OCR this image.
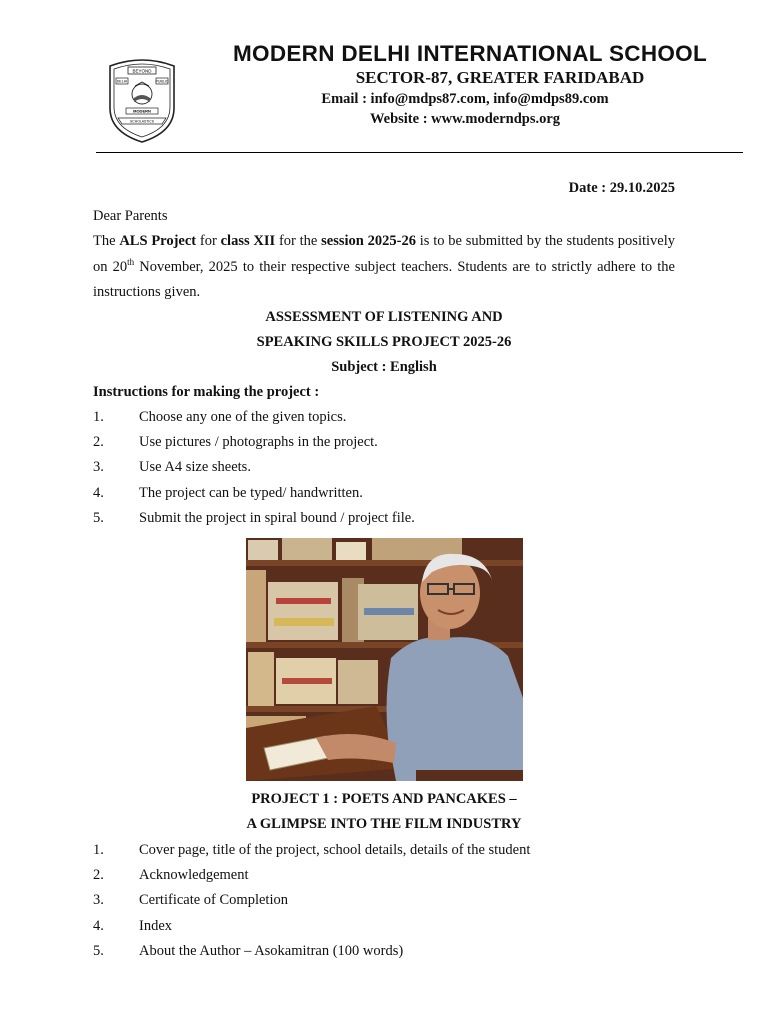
BEYOND
DELHI	PUBLIC
MODERN
SCHOLASTICS
MODERN DELHI INTERNATIONAL SCHOOL
SECTOR-87, GREATER FARIDABAD
Email : info@mdps87.com, info@mdps89.com
Website : www.moderndps.org
Date : 29.10.2025
Dear Parents
The ALS Project for class XII for the session 2025-26 is to be submitted by the students positively on 20th November, 2025 to their respective subject teachers. Students are to strictly adhere to the instructions given.
ASSESSMENT OF LISTENING AND
SPEAKING SKILLS PROJECT 2025-26
Subject : English
Instructions for making the project :
1. Choose any one of the given topics.
2. Use pictures / photographs in the project.
3. Use A4 size sheets.
4. The project can be typed/ handwritten.
5. Submit the project in spiral bound / project file.
PROJECT 1 : POETS AND PANCAKES –
A GLIMPSE INTO THE FILM INDUSTRY
1. Cover page, title of the project, school details, details of the student
2. Acknowledgement
3. Certificate of Completion
4. Index
5. About the Author – Asokamitran (100 words)
